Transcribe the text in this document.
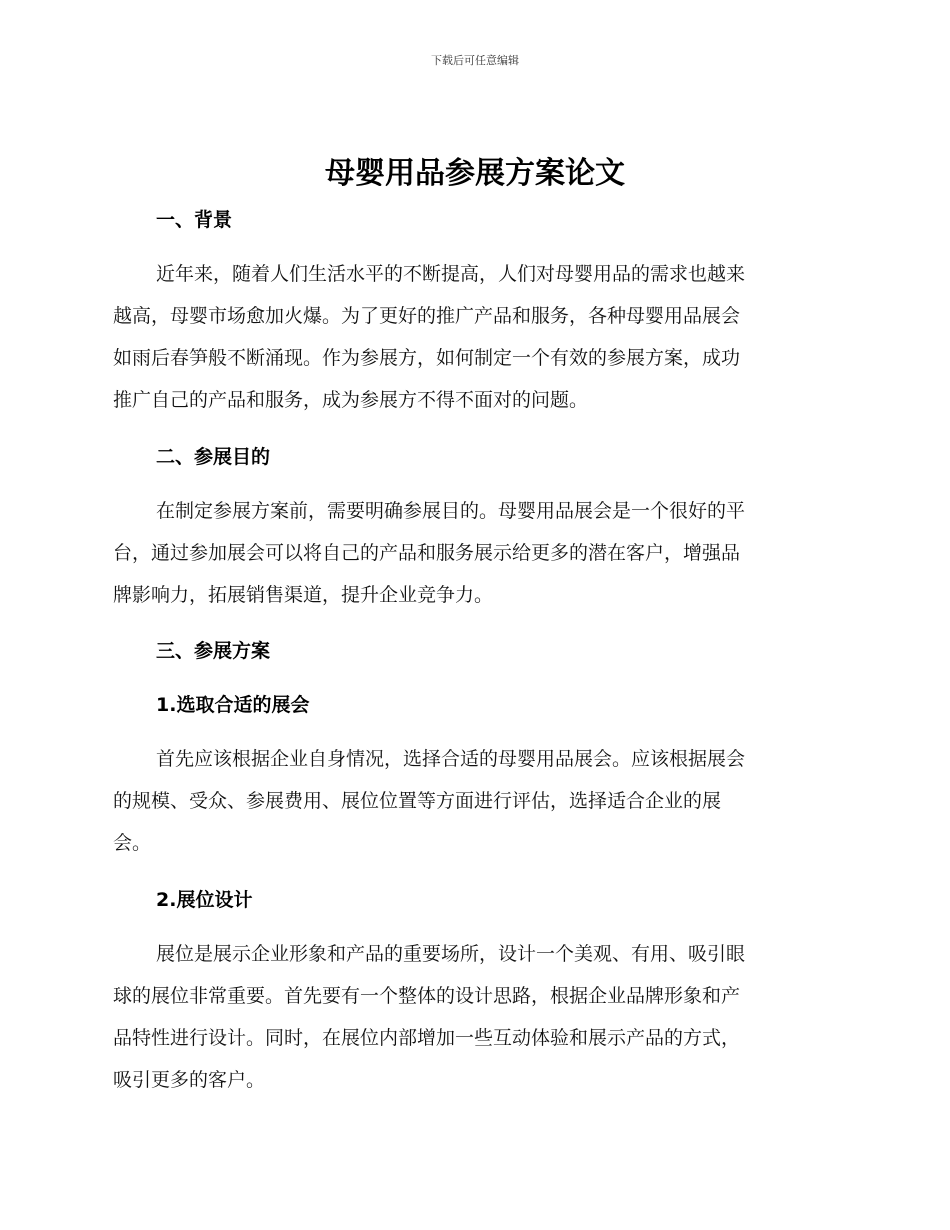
下载后可任意编辑
母婴用品参展方案论文
一、背景
近年来，随着人们生活水平的不断提高，人们对母婴用品的需求也越来
越高，母婴市场愈加火爆。为了更好的推广产品和服务，各种母婴用品展会
如雨后春笋般不断涌现。作为参展方，如何制定一个有效的参展方案，成功
推广自己的产品和服务，成为参展方不得不面对的问题。
二、参展目的
在制定参展方案前，需要明确参展目的。母婴用品展会是一个很好的平
台，通过参加展会可以将自己的产品和服务展示给更多的潜在客户，增强品
牌影响力，拓展销售渠道，提升企业竞争力。
三、参展方案
1.选取合适的展会
首先应该根据企业自身情况，选择合适的母婴用品展会。应该根据展会
的规模、受众、参展费用、展位位置等方面进行评估，选择适合企业的展
会。
2.展位设计
展位是展示企业形象和产品的重要场所，设计一个美观、有用、吸引眼
球的展位非常重要。首先要有一个整体的设计思路，根据企业品牌形象和产
品特性进行设计。同时，在展位内部增加一些互动体验和展示产品的方式，
吸引更多的客户。
